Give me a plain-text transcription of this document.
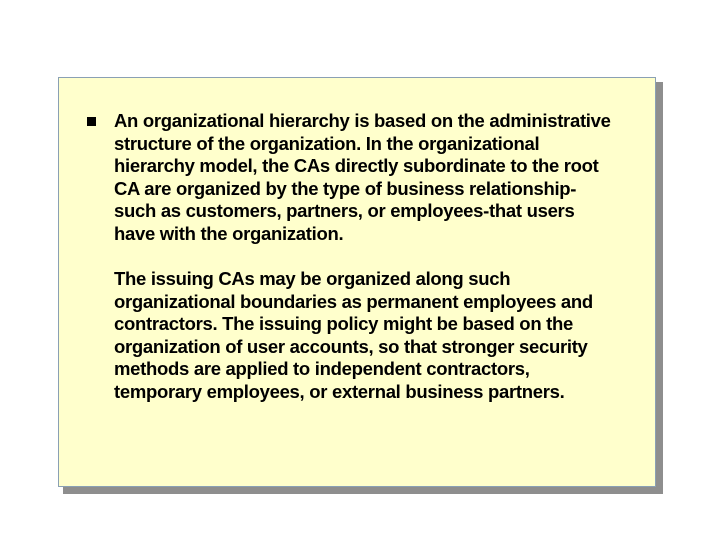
An organizational hierarchy is based on the administrative
structure of the organization. In the organizational
hierarchy model, the CAs directly subordinate to the root
CA are organized by the type of business relationship-
such as customers, partners, or employees-that users
have with the organization.

The issuing CAs may be organized along such
organizational boundaries as permanent employees and
contractors. The issuing policy might be based on the
organization of user accounts, so that stronger security
methods are applied to independent contractors,
temporary employees, or external business partners.
